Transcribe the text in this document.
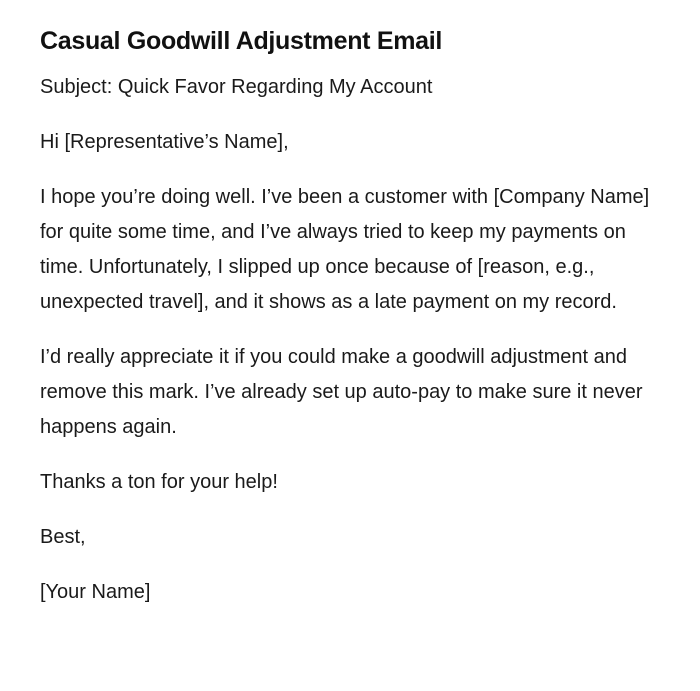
Casual Goodwill Adjustment Email

Subject: Quick Favor Regarding My Account

Hi [Representative’s Name],

I hope you’re doing well. I’ve been a customer with [Company Name] for quite some time, and I’ve always tried to keep my payments on time. Unfortunately, I slipped up once because of [reason, e.g., unexpected travel], and it shows as a late payment on my record.

I’d really appreciate it if you could make a goodwill adjustment and remove this mark. I’ve already set up auto-pay to make sure it never happens again.

Thanks a ton for your help!

Best,

[Your Name]
